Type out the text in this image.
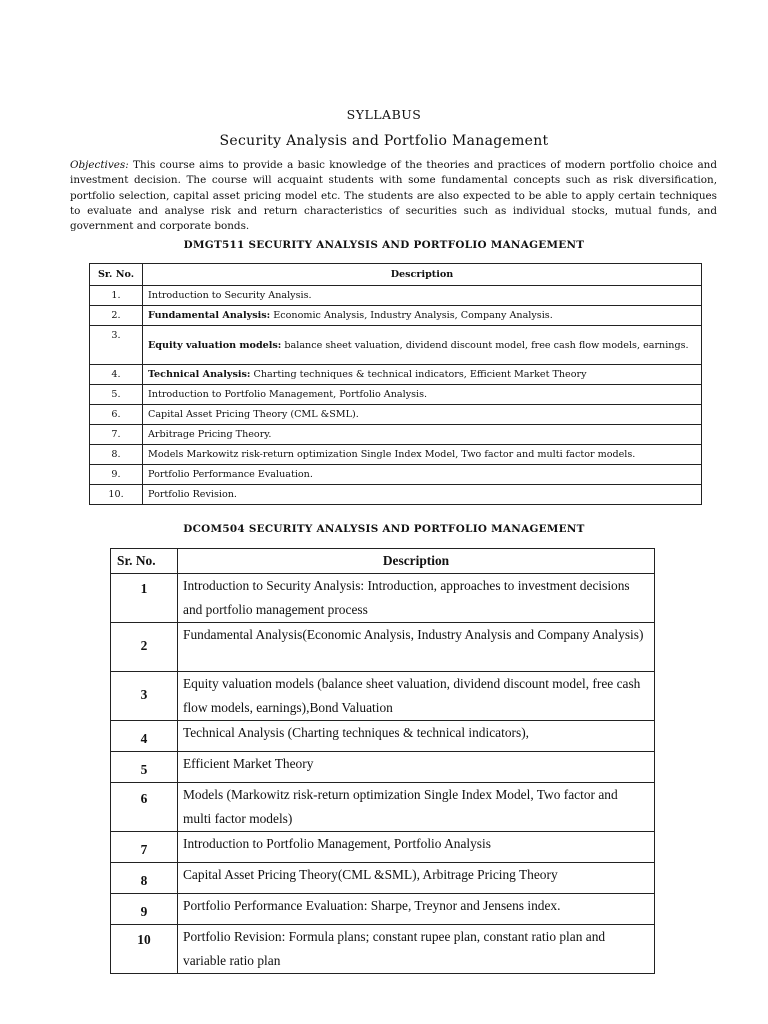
SYLLABUS
Security Analysis and Portfolio Management
Objectives: This course aims to provide a basic knowledge of the theories and practices of modern portfolio choice and investment decision. The course will acquaint students with some fundamental concepts such as risk diversification, portfolio selection, capital asset pricing model etc. The students are also expected to be able to apply certain techniques to evaluate and analyse risk and return characteristics of securities such as individual stocks, mutual funds, and government and corporate bonds.
DMGT511 SECURITY ANALYSIS AND PORTFOLIO MANAGEMENT
Sr. No.	Description
1.	Introduction to Security Analysis.
2.	Fundamental Analysis: Economic Analysis, Industry Analysis, Company Analysis.
3.	Equity valuation models: balance sheet valuation, dividend discount model, free cash flow models, earnings.
4.	Technical Analysis: Charting techniques & technical indicators, Efficient Market Theory
5.	Introduction to Portfolio Management, Portfolio Analysis.
6.	Capital Asset Pricing Theory (CML &SML).
7.	Arbitrage Pricing Theory.
8.	Models Markowitz risk-return optimization Single Index Model, Two factor and multi factor models.
9.	Portfolio Performance Evaluation.
10.	Portfolio Revision.
DCOM504 SECURITY ANALYSIS AND PORTFOLIO MANAGEMENT
Sr. No.	Description
1	Introduction to Security Analysis: Introduction, approaches to investment decisions and portfolio management process
2	Fundamental Analysis(Economic Analysis, Industry Analysis and Company Analysis)
3	Equity valuation models (balance sheet valuation, dividend discount model, free cash flow models, earnings),Bond Valuation
4	Technical Analysis (Charting techniques & technical indicators),
5	Efficient Market Theory
6	Models (Markowitz risk-return optimization Single Index Model, Two factor and multi factor models)
7	Introduction to Portfolio Management, Portfolio Analysis
8	Capital Asset Pricing Theory(CML &SML), Arbitrage Pricing Theory
9	Portfolio Performance Evaluation: Sharpe, Treynor and Jensens index.
10	Portfolio Revision: Formula plans; constant rupee plan, constant ratio plan and variable ratio plan
